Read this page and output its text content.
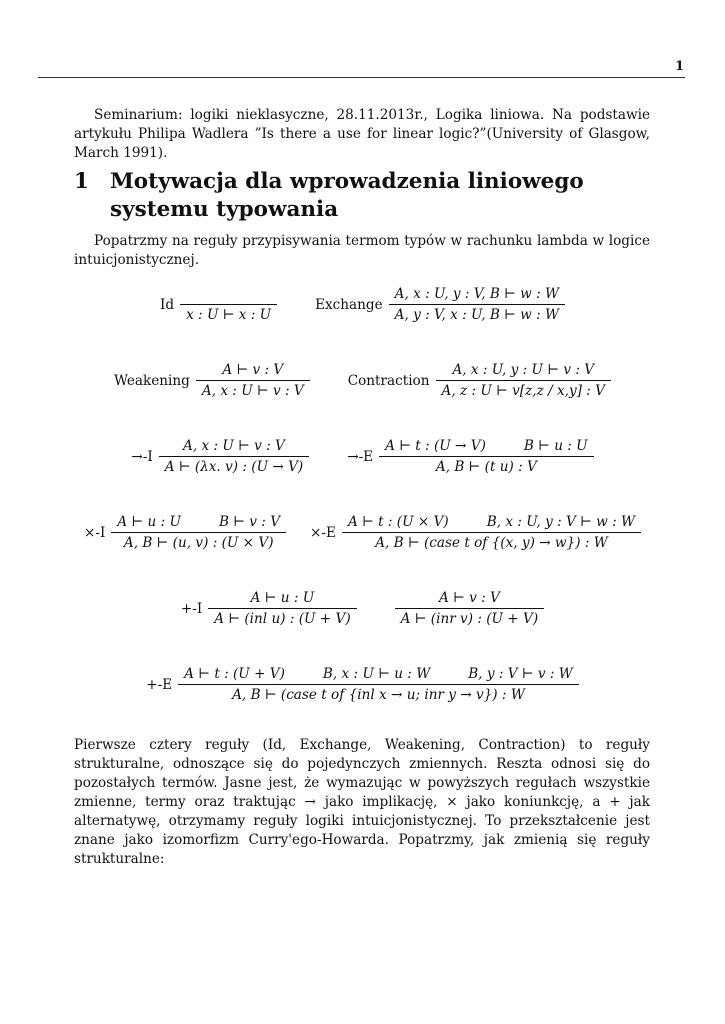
1

Seminarium: logiki nieklasyczne, 28.11.2013r., Logika liniowa. Na podstawie artykułu Philipa Wadlera ”Is there a use for linear logic?”(University of Glasgow, March 1991).

1 Motywacja dla wprowadzenia liniowego systemu typowania

Popatrzmy na reguły przypisywania termom typów w rachunku lambda w logice intuicjonistycznej.

Id
x : U ⊢ x : U
Exchange $\frac{A, x : U, y : V, B ⊢ w : W}{A, y : V, x : U, B ⊢ w : W}$
Weakening $\frac{A ⊢ v : V}{A, x : U ⊢ v : V}$	Contraction $\frac{A, x : U, y : U ⊢ v : V}{A, z : U ⊢ v[z,z / x,y] : V}$
$\to-I \frac{A, x : U ⊢ v : V}{A ⊢ (\lambda x. v) : (U \to V)}$	→-E A ⊢ t : (U → V)	B ⊢ u : U
A, B ⊢ (t u) : V
×-I A ⊢ u : U	B ⊢ v : V
A, B ⊢ (u, v) : (U × V) ×-E A ⊢ t : (U × V)	B, x : U, y : V ⊢ w : W
A, B ⊢ (case t of {(x, y) → w}) : W
$+-I \frac{A ⊢ u : U}{\text{A ⊢ (inl u) : (U + V)}}$	$\frac{A ⊢ v : V}{\text{A ⊢ (inr v) : (U + V)}}$
+-E A ⊢ t : (U + V)	B, x : U ⊢ u : W	B, y : V ⊢ v : W
A, B ⊢ (case t of {inl x → u; inr y → v}) : W

Pierwsze cztery reguły (Id, Exchange, Weakening, Contraction) to reguły strukturalne, odnoszące się do pojedynczych zmiennych. Reszta odnosi się do pozostałych termów. Jasne jest, że wymazując w powyższych regułach wszystkie zmienne, termy oraz traktując → jako implikację, × jako koniunkcję, a + jak alternatywę, otrzymamy reguły logiki intuicjonistycznej. To przekształcenie jest znane jako izomorfizm Curry'ego-Howarda. Popatrzmy, jak zmienią się reguły strukturalne:
